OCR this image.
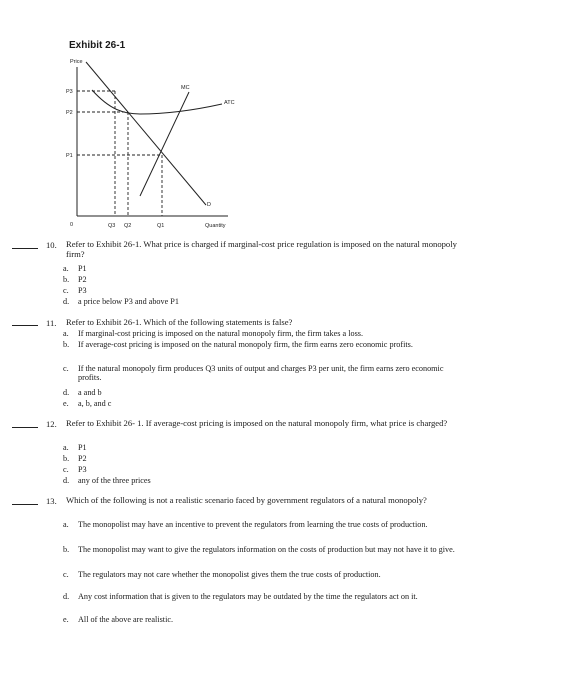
Exhibit 26-1
Price
Quantity
0
P3
P2
P1
Q3 Q2	Q1
D
MC
ATC
10. Refer to Exhibit 26-1. What price is charged if marginal-cost price regulation is imposed on the natural monopoly firm?
a. P1
b. P2
c. P3
d. a price below P3 and above P1
11. Refer to Exhibit 26-1. Which of the following statements is false?
a. If marginal-cost pricing is imposed on the natural monopoly firm, the firm takes a loss.
b. If average-cost pricing is imposed on the natural monopoly firm, the firm earns zero economic profits.
c. If the natural monopoly firm produces Q3 units of output and charges P3 per unit, the firm earns zero economic profits.
d. a and b
e. a, b, and c
12. Refer to Exhibit 26- 1. If average-cost pricing is imposed on the natural monopoly firm, what price is charged?
a. P1
b. P2
c. P3
d. any of the three prices
13. Which of the following is not a realistic scenario faced by government regulators of a natural monopoly?
a. The monopolist may have an incentive to prevent the regulators from learning the true costs of production.
b. The monopolist may want to give the regulators information on the costs of production but may not have it to give.
c. The regulators may not care whether the monopolist gives them the true costs of production.
d. Any cost information that is given to the regulators may be outdated by the time the regulators act on it.
e. All of the above are realistic.
